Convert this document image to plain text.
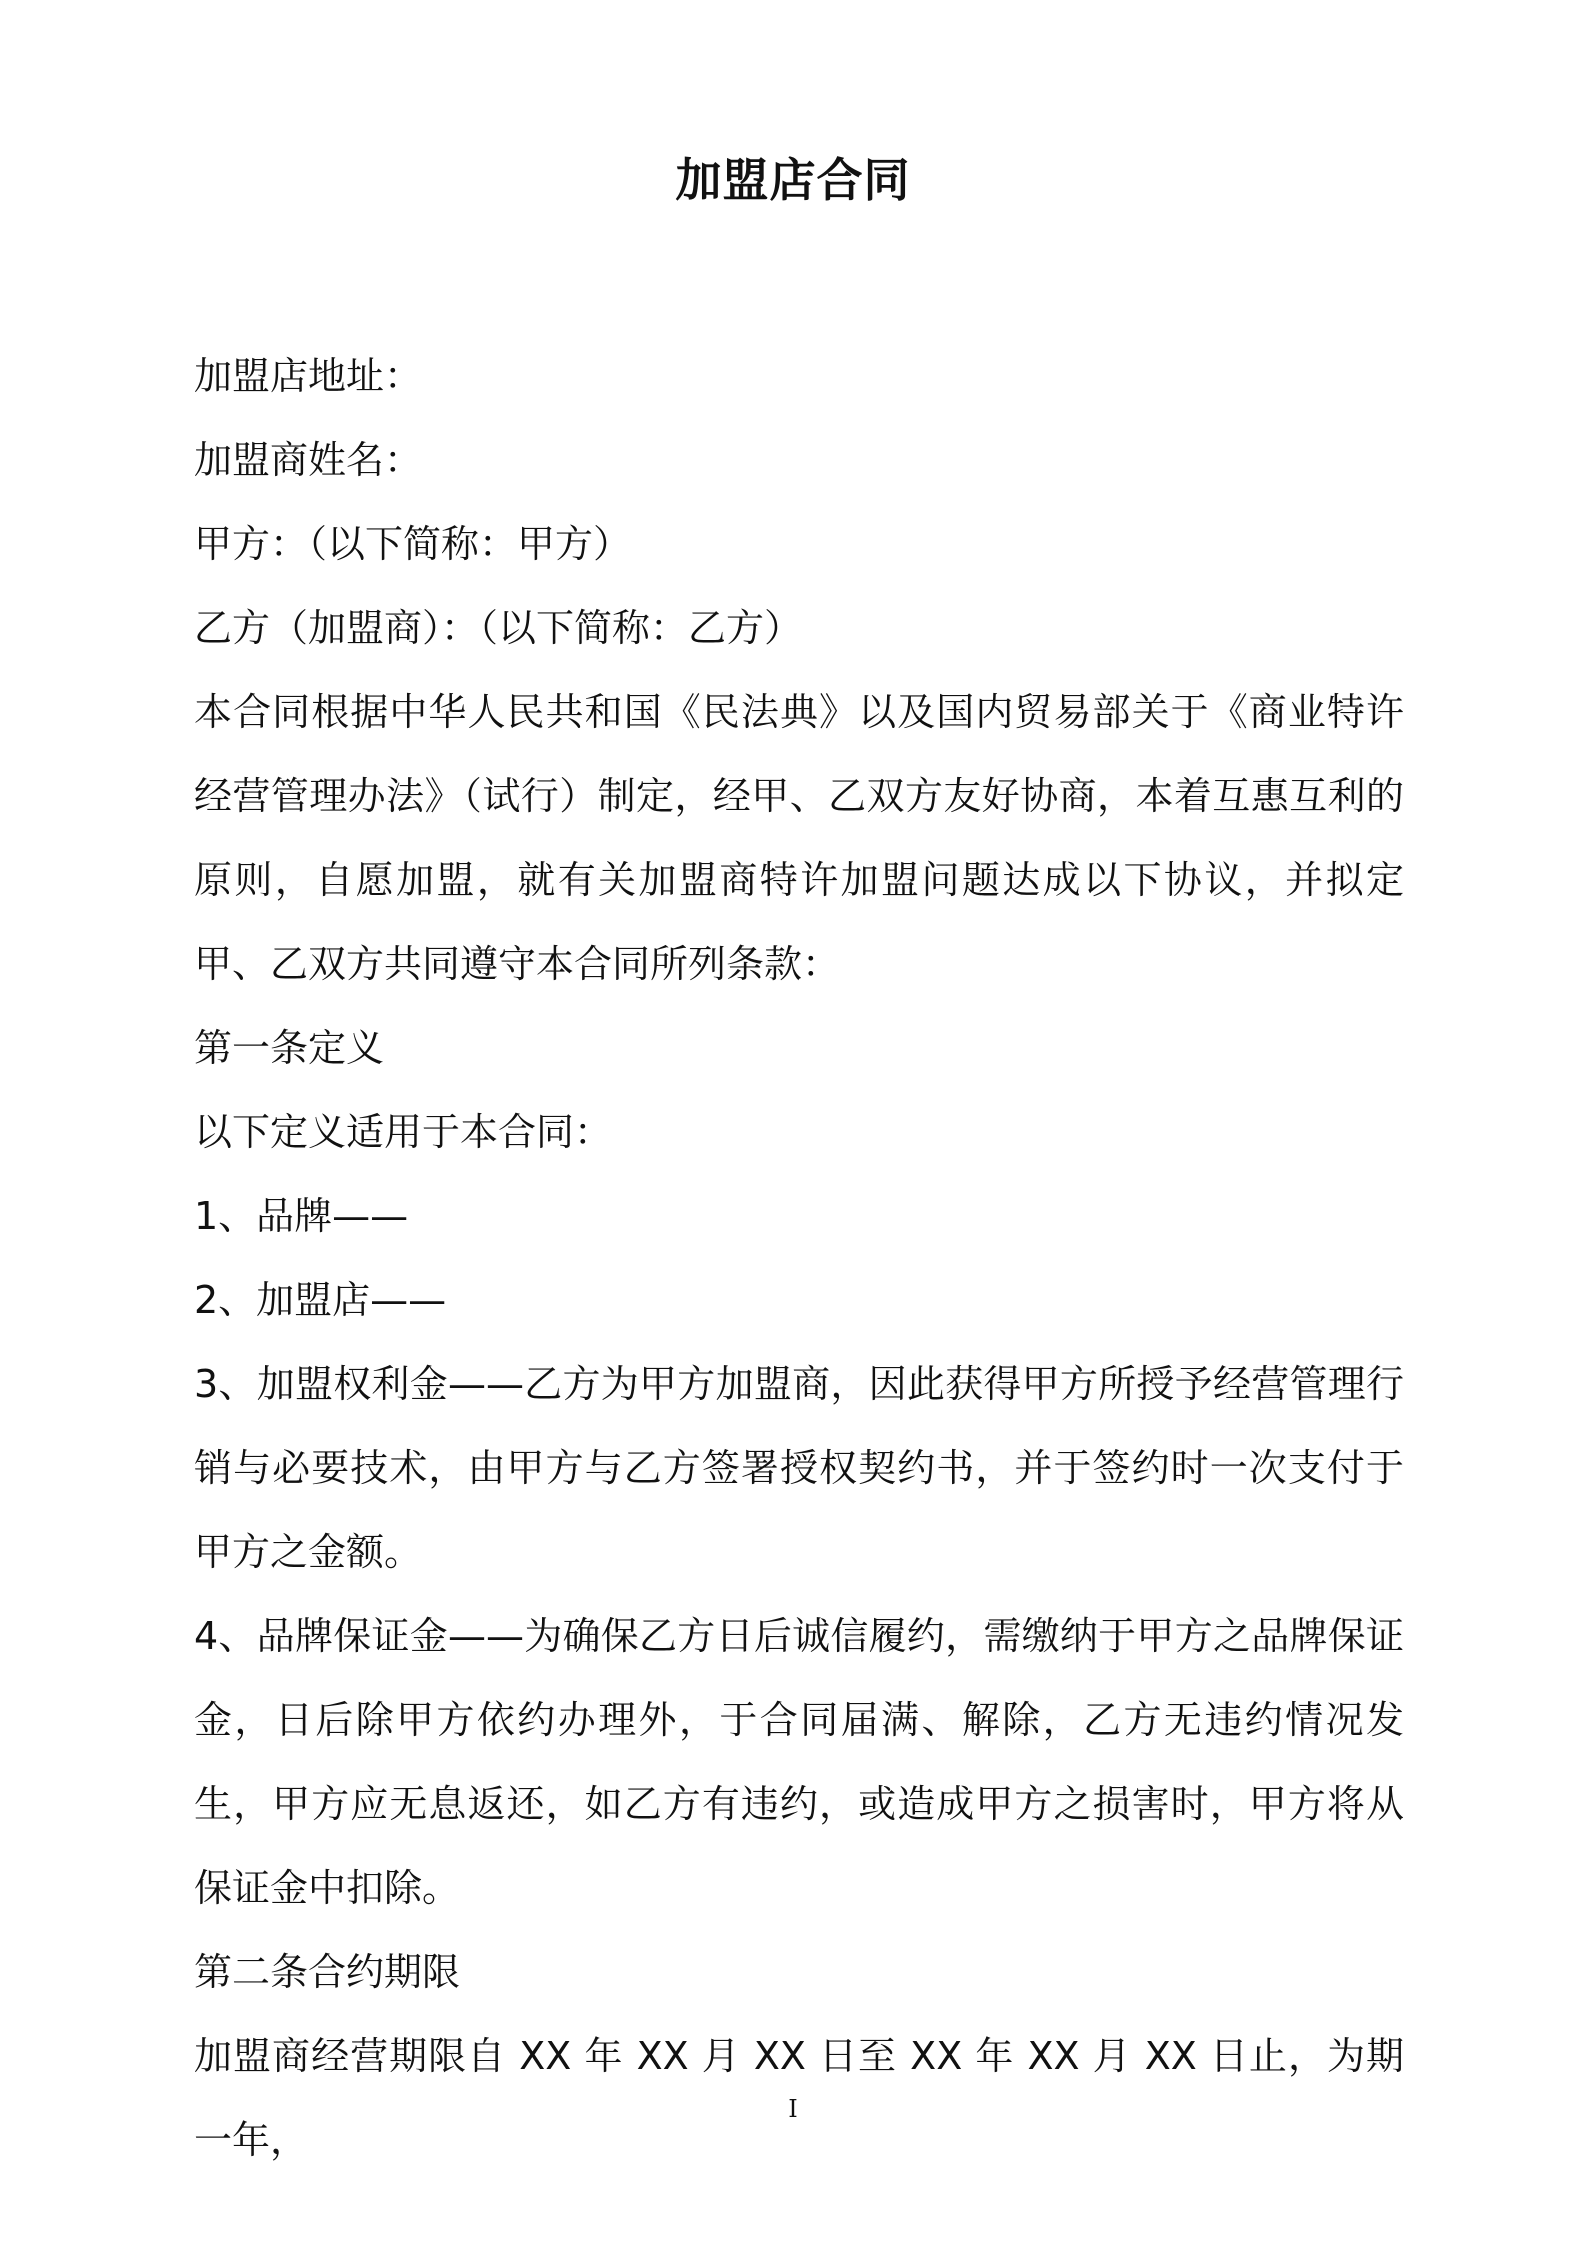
加盟店合同

加盟店地址：

加盟商姓名：

甲方：（以下简称：甲方）

乙方（加盟商）：（以下简称：乙方）

本合同根据中华人民共和国《民法典》以及国内贸易部关于《商业特许经营管理办法》（试行）制定，经甲、乙双方友好协商，本着互惠互利的原则，自愿加盟，就有关加盟商特许加盟问题达成以下协议，并拟定甲、乙双方共同遵守本合同所列条款：

第一条定义

以下定义适用于本合同：

1、品牌——

2、加盟店——

3、加盟权利金——乙方为甲方加盟商，因此获得甲方所授予经营管理行销与必要技术，由甲方与乙方签署授权契约书，并于签约时一次支付于甲方之金额。

4、品牌保证金——为确保乙方日后诚信履约，需缴纳于甲方之品牌保证金，日后除甲方依约办理外，于合同届满、解除，乙方无违约情况发生，甲方应无息返还，如乙方有违约，或造成甲方之损害时，甲方将从保证金中扣除。

第二条合约期限

加盟商经营期限自 XX 年 XX 月 XX 日至 XX 年 XX 月 XX 日止，为期一年，

I
